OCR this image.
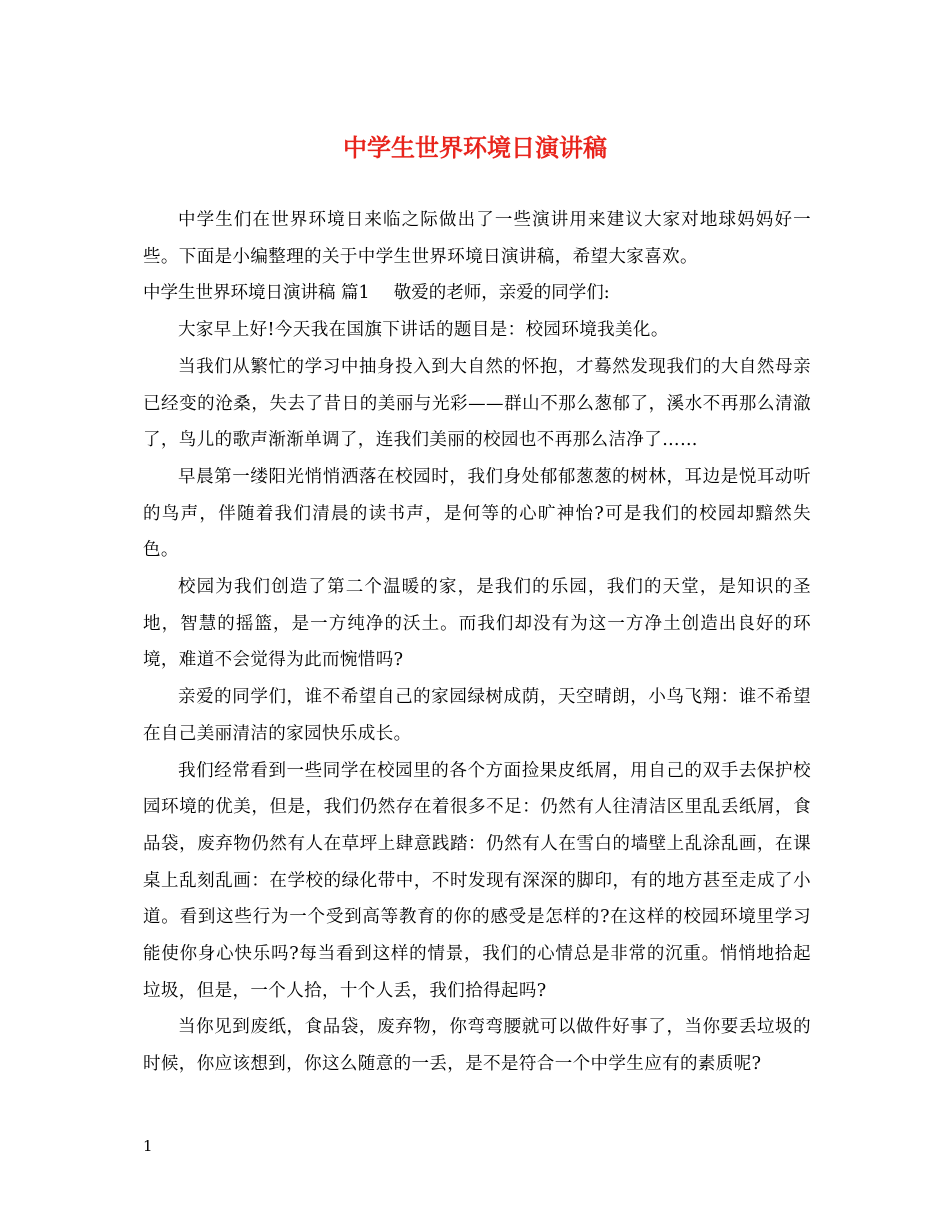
中学生世界环境日演讲稿

中学生们在世界环境日来临之际做出了一些演讲用来建议大家对地球妈妈好一些。下面是小编整理的关于中学生世界环境日演讲稿，希望大家喜欢。

中学生世界环境日演讲稿 篇1 敬爱的老师，亲爱的同学们:

大家早上好!今天我在国旗下讲话的题目是：校园环境我美化。

当我们从繁忙的学习中抽身投入到大自然的怀抱，才蓦然发现我们的大自然母亲已经变的沧桑，失去了昔日的美丽与光彩——群山不那么葱郁了，溪水不再那么清澈了，鸟儿的歌声渐渐单调了，连我们美丽的校园也不再那么洁净了……

早晨第一缕阳光悄悄洒落在校园时，我们身处郁郁葱葱的树林，耳边是悦耳动听的鸟声，伴随着我们清晨的读书声，是何等的心旷神怡?可是我们的校园却黯然失色。

校园为我们创造了第二个温暖的家，是我们的乐园，我们的天堂，是知识的圣地，智慧的摇篮，是一方纯净的沃土。而我们却没有为这一方净土创造出良好的环境，难道不会觉得为此而惋惜吗?

亲爱的同学们，谁不希望自己的家园绿树成荫，天空晴朗，小鸟飞翔：谁不希望在自己美丽清洁的家园快乐成长。

我们经常看到一些同学在校园里的各个方面捡果皮纸屑，用自己的双手去保护校园环境的优美，但是，我们仍然存在着很多不足：仍然有人往清洁区里乱丢纸屑，食品袋，废弃物仍然有人在草坪上肆意践踏：仍然有人在雪白的墙壁上乱涂乱画，在课桌上乱刻乱画：在学校的绿化带中，不时发现有深深的脚印，有的地方甚至走成了小道。看到这些行为一个受到高等教育的你的感受是怎样的?在这样的校园环境里学习能使你身心快乐吗?每当看到这样的情景，我们的心情总是非常的沉重。悄悄地拾起垃圾，但是，一个人拾，十个人丢，我们拾得起吗?

当你见到废纸，食品袋，废弃物，你弯弯腰就可以做件好事了，当你要丢垃圾的时候，你应该想到，你这么随意的一丢，是不是符合一个中学生应有的素质呢?

1
